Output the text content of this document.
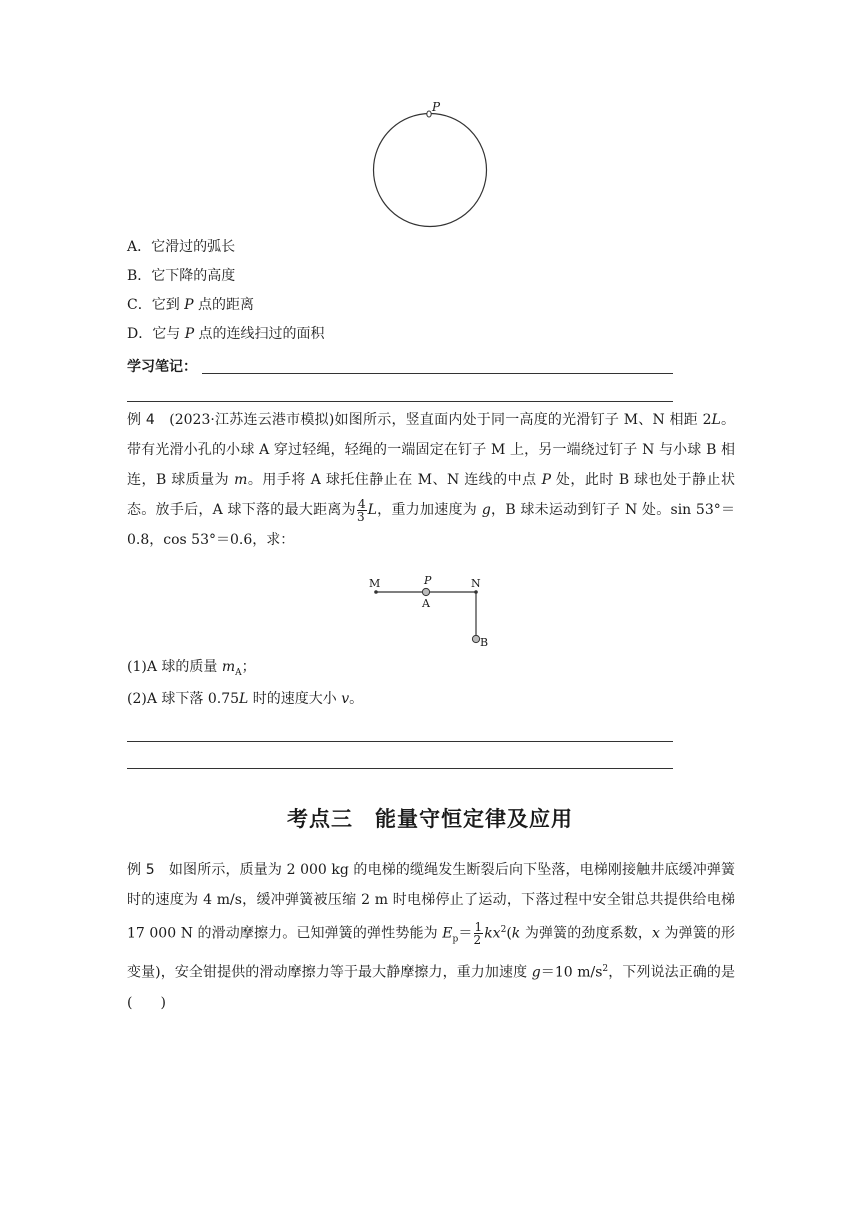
P
A．它滑过的弧长
B．它下降的高度
C．它到 P 点的距离
D．它与 P 点的连线扫过的面积
学习笔记：

例 4　 (2023·江苏连云港市模拟)如图所示，竖直面内处于同一高度的光滑钉子 M、N 相距 2L。带有光滑小孔的小球 A 穿过轻绳，轻绳的一端固定在钉子 M 上，另一端绕过钉子 N 与小球 B 相连，B 球质量为 m。用手将 A 球托住静止在 M、N 连线的中点 P 处，此时 B 球也处于静止状态。放手后，A 球下落的最大距离为 $\frac{4}{3}$ L，重力加速度为 g，B 球未运动到钉子 N 处。sin 53°＝0.8，cos 53°＝0.6，求：

M	P
A
N
B
(1)A 球的质量 $m_A$；
(2)A 球下落 0.75L 时的速度大小 v。
考点三　能量守恒定律及应用

例 5　如图所示，质量为 2 000 kg 的电梯的缆绳发生断裂后向下坠落，电梯刚接触井底缓冲弹簧时的速度为 4 m/s，缓冲弹簧被压缩 2 m 时电梯停止了运动，下落过程中安全钳总共提供给电梯 17 000 N 的滑动摩擦力。已知弹簧的弹性势能为 $E_p= \frac{1}{2} kx^2(k$ 为弹簧的劲度系数，x 为弹簧的形变量)，安全钳提供的滑动摩擦力等于最大静摩擦力，重力加速度 g＝10 $m/s^2$，下列说法正确的是(　　)
